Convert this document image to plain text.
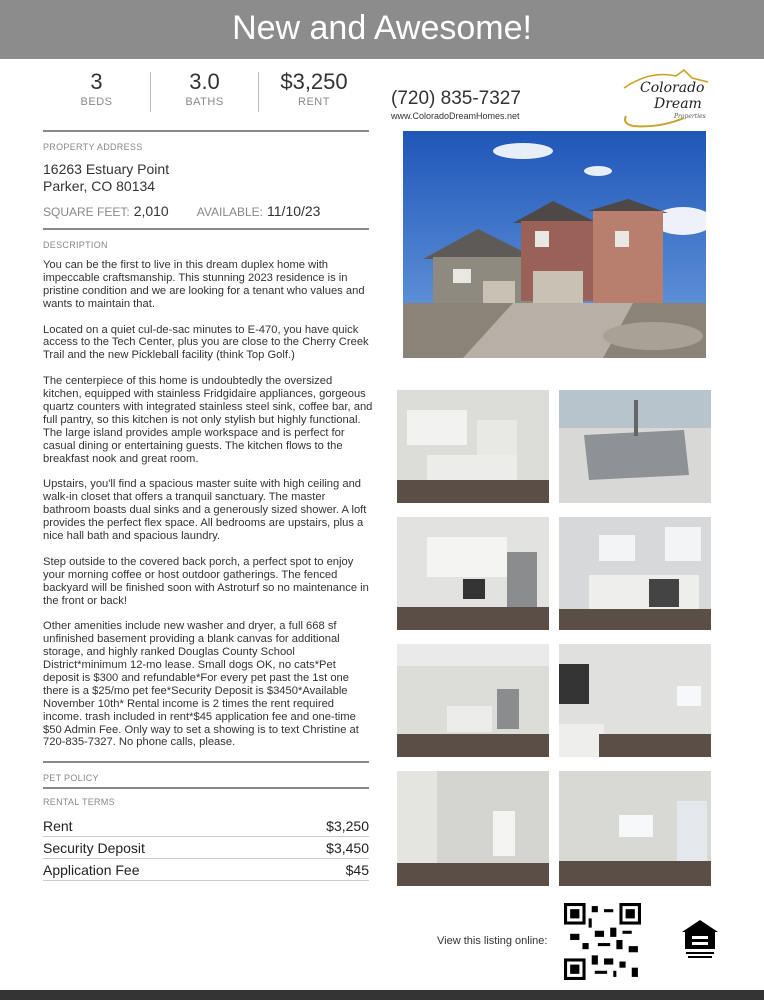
New and Awesome!
3
BEDS
3.0
BATHS
$3,250
RENT	(720) 835-7327
www.ColoradoDreamHomes.net
Colorado
Dream
Properties
PROPERTY ADDRESS
16263 Estuary Point
Parker, CO 80134
SQUARE FEET: 2,010 AVAILABLE: 11/10/23
DESCRIPTION

You can be the first to live in this dream duplex home with impeccable craftsmanship. This stunning 2023 residence is in pristine condition and we are looking for a tenant who values and wants to maintain that.

Located on a quiet cul-de-sac minutes to E-470, you have quick access to the Tech Center, plus you are close to the Cherry Creek Trail and the new Pickleball facility (think Top Golf.)

The centerpiece of this home is undoubtedly the oversized kitchen, equipped with stainless Fridgidaire appliances, gorgeous quartz counters with integrated stainless steel sink, coffee bar, and full pantry, so this kitchen is not only stylish but highly functional. The large island provides ample workspace and is perfect for casual dining or entertaining guests. The kitchen flows to the breakfast nook and great room.

Upstairs, you'll find a spacious master suite with high ceiling and walk-in closet that offers a tranquil sanctuary. The master bathroom boasts dual sinks and a generously sized shower. A loft provides the perfect flex space. All bedrooms are upstairs, plus a nice hall bath and spacious laundry.

Step outside to the covered back porch, a perfect spot to enjoy your morning coffee or host outdoor gatherings. The fenced backyard will be finished soon with Astroturf so no maintenance in the front or back!

Other amenities include new washer and dryer, a full 668 sf unfinished basement providing a blank canvas for additional storage, and highly ranked Douglas County School District*minimum 12-mo lease. Small dogs OK, no cats*Pet deposit is $300 and refundable*For every pet past the 1st one there is a $25/mo pet fee*Security Deposit is $3450*Available November 10th* Rental income is 2 times the rent required income. trash included in rent*$45 application fee and one-time $50 Admin Fee. Only way to set a showing is to text Christine at 720-835-7327. No phone calls, please.

PET POLICY
RENTAL TERMS
Rent	$3,250
Security Deposit	$3,450
Application Fee	$45
View this listing online:
